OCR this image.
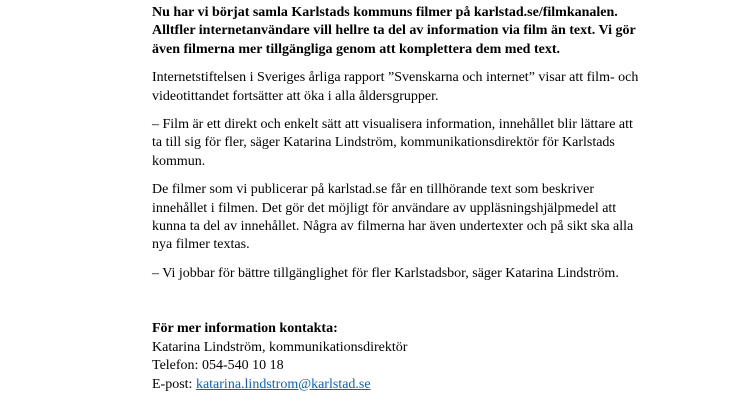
Nu har vi börjat samla Karlstads kommuns filmer på karlstad.se/filmkanalen. Alltfler internetanvändare vill hellre ta del av information via film än text. Vi gör även filmerna mer tillgängliga genom att komplettera dem med text.

Internetstiftelsen i Sveriges årliga rapport ”Svenskarna och internet” visar att film- och videotittandet fortsätter att öka i alla åldersgrupper.

– Film är ett direkt och enkelt sätt att visualisera information, innehållet blir lättare att ta till sig för fler, säger Katarina Lindström, kommunikationsdirektör för Karlstads kommun.

De filmer som vi publicerar på karlstad.se får en tillhörande text som beskriver innehållet i filmen. Det gör det möjligt för användare av uppläsningshjälpmedel att kunna ta del av innehållet. Några av filmerna har även undertexter och på sikt ska alla nya filmer textas.

– Vi jobbar för bättre tillgänglighet för fler Karlstadsbor, säger Katarina Lindström.

För mer information kontakta:
Katarina Lindström, kommunikationsdirektör
Telefon: 054-540 10 18
E-post: katarina.lindstrom@karlstad.se
